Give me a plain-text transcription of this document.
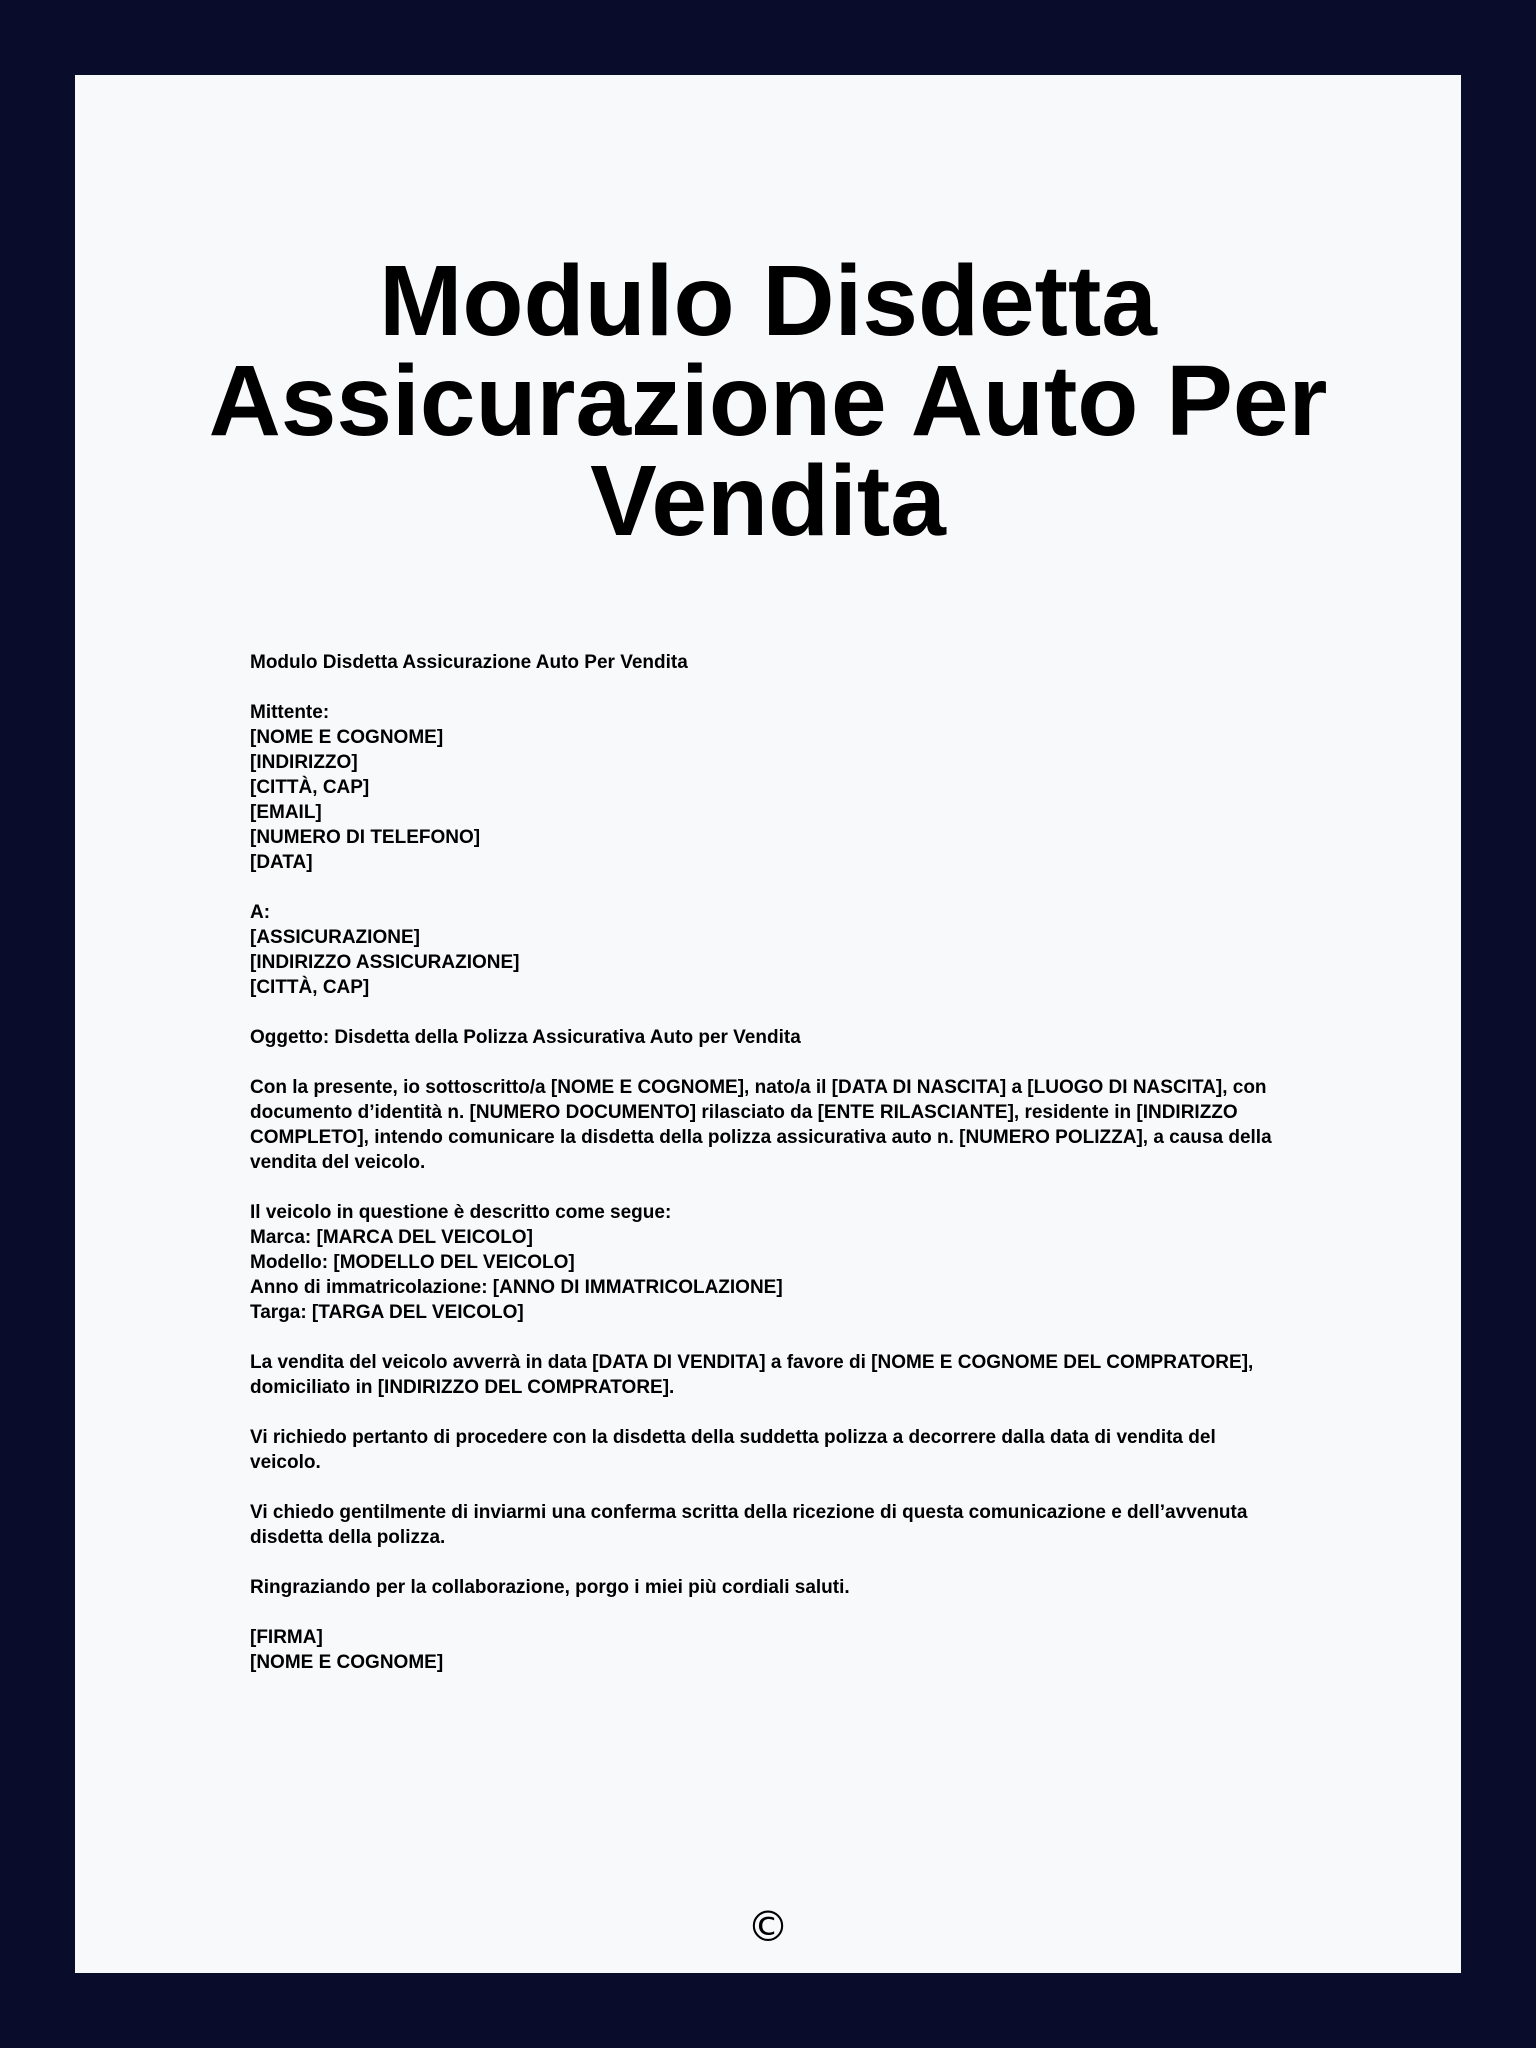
Modulo Disdetta
Assicurazione Auto Per
Vendita

Modulo Disdetta Assicurazione Auto Per Vendita

Mittente:
[NOME E COGNOME]
[INDIRIZZO]
[CITTÀ, CAP]
[EMAIL]
[NUMERO DI TELEFONO]
[DATA]

A:
[ASSICURAZIONE]
[INDIRIZZO ASSICURAZIONE]
[CITTÀ, CAP]

Oggetto: Disdetta della Polizza Assicurativa Auto per Vendita

Con la presente, io sottoscritto/a [NOME E COGNOME], nato/a il [DATA DI NASCITA] a [LUOGO DI NASCITA], con documento d’identità n. [NUMERO DOCUMENTO] rilasciato da [ENTE RILASCIANTE], residente in [INDIRIZZO COMPLETO], intendo comunicare la disdetta della polizza assicurativa auto n. [NUMERO POLIZZA], a causa della vendita del veicolo.

Il veicolo in questione è descritto come segue:
Marca: [MARCA DEL VEICOLO]
Modello: [MODELLO DEL VEICOLO]
Anno di immatricolazione: [ANNO DI IMMATRICOLAZIONE]
Targa: [TARGA DEL VEICOLO]

La vendita del veicolo avverrà in data [DATA DI VENDITA] a favore di [NOME E COGNOME DEL COMPRATORE], domiciliato in [INDIRIZZO DEL COMPRATORE].

Vi richiedo pertanto di procedere con la disdetta della suddetta polizza a decorrere dalla data di vendita del veicolo.

Vi chiedo gentilmente di inviarmi una conferma scritta della ricezione di questa comunicazione e dell’avvenuta disdetta della polizza.

Ringraziando per la collaborazione, porgo i miei più cordiali saluti.

[FIRMA]
[NOME E COGNOME]

©
